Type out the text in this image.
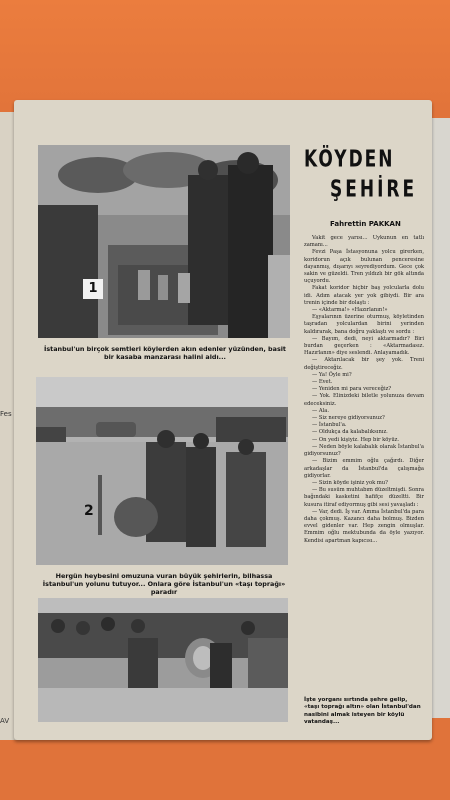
Fes
AV
1
İstanbul'un birçok semtleri köylerden akın edenler yüzünden, basit bir kasaba manzarası halini aldı...
2
Hergün heybesini omuzuna vuran büyük şehirlerin, bilhassa İstanbul'un yolunu tutuyor... Onlara göre İstanbul'un «taşı toprağı» paradır
KÖYDEN
ŞEHİRE
Fahrettin PAKKAN

Vakit gece yarısı... Uykunun en tatlı zamanı...

Fevzi Paşa İstasyonuna yolcu girerken, koridorun açık bulunan penceresine dayanmış, dışarıyı seyrediyordum. Gece çok sakin ve güzeldi. Tren yıldızlı bir gök altında uçuyordu.

Fakat koridor hiçbir baş yolcularla dolu idi. Adım atacak yer yok gibiydi. Bir ara trenin içinde bir dolaştı :

— «Aktarma!» «Hazırlanın!»

Eşyalarının üzerine oturmuş, köyletinden taşradan yolculardan birini yerinden kaldırarak, bana doğru yaklaştı ve sordu :

— Bayım, dedi, neyi aktarmadır? Biri burdan geçerken : «Aktarmadasız. Hazırlanın» diye seslendi. Anlayamadık.

— Aktarılacak bir şey yok. Treni değiştireceğiz.

— Ya! Öyle mi?

— Evet.

— Yeniden mi para vereceğiz?

— Yok. Elinizdeki biletle yolunuza devam edeceksiniz.

— Ala.

— Siz nereye gidiyorsunuz?

— İstanbul'a.

— Oldukça da kalabalıksınız.

— On yedi kişiyiz. Hep bir köyüz.

— Neden böyle kalabalık olarak İstanbul'a gidiyorsunuz?

— Bizim emmim oğlu çağırdı. Diğer arkadaşlar da İstanbul'da çalışmağa gidiyorlar.

— Sizin köyde işiniz yok mu?

— Bu susüm muhtabım düzeltmişdi. Sonra bağındaki kasketini hafifçe düzeltti. Bir kusura itiraf ediyormuş gibi sesi yavaşladı :

— Var, dedi. İş var. Amma İstanbul'da para daha çokmuş. Kazancı daha bolmuş. Bizden evvel gidenler var. Hep zengin olmuşlar. Emmim oğlu mektubunda da öyle yazıyor. Kendisi apartman kapıcısı...

İşte yorganı sırtında şehre gelip, «taşı toprağı altın» olan İstanbul'dan nasibini almak isteyen bir köylü vatandaş...
